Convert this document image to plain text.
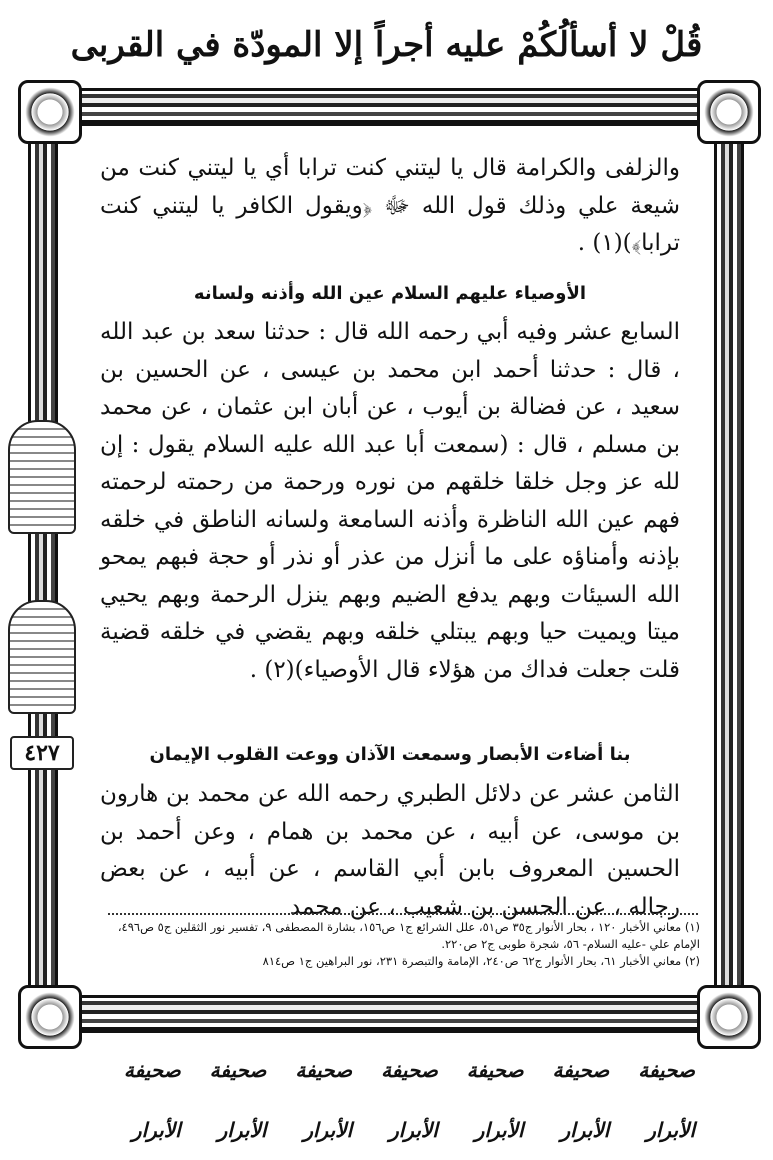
قُلْ لا أسألُكُمْ عليه أجراً إلا المودّة في القربى
٤٢٧

والزلفى والكرامة قال يا ليتني كنت ترابا أي يا ليتني كنت من شيعة علي وذلك قول الله ﷻ ﴿ويقول الكافر يا ليتني كنت ترابا﴾)(١) .

الأوصياء عليهم السلام عين الله وأذنه ولسانه

السابع عشر وفيه أبي رحمه الله قال : حدثنا سعد بن عبد الله ، قال : حدثنا أحمد ابن محمد بن عيسى ، عن الحسين بن سعيد ، عن فضالة بن أيوب ، عن أبان ابن عثمان ، عن محمد بن مسلم ، قال : (سمعت أبا عبد الله عليه السلام يقول : إن لله عز وجل خلقا خلقهم من نوره ورحمة من رحمته لرحمته فهم عين الله الناظرة وأذنه السامعة ولسانه الناطق في خلقه بإذنه وأمناؤه على ما أنزل من عذر أو نذر أو حجة فبهم يمحو الله السيئات وبهم يدفع الضيم وبهم ينزل الرحمة وبهم يحيي ميتا ويميت حيا وبهم يبتلي خلقه وبهم يقضي في خلقه قضية قلت جعلت فداك من هؤلاء قال الأوصياء)(٢) .

بنا أضاءت الأبصار وسمعت الآذان ووعت القلوب الإيمان

الثامن عشر عن دلائل الطبري رحمه الله عن محمد بن هارون بن موسى، عن أبيه ، عن محمد بن همام ، وعن أحمد بن الحسين المعروف بابن أبي القاسم ، عن أبيه ، عن بعض رجاله ، عن الحسن بن شعيب ، عن محمد

(١) معاني الأخبار ١٢٠ ، بحار الأنوار ج٣٥ ص٥١، علل الشرائع ج١ ص١٥٦، بشارة المصطفى ٩، تفسير نور الثقلين ج٥ ص٤٩٦، الإمام علي -عليه السلام- ٥٦، شجرة طوبى ج٢ ص٢٢٠.

(٢) معاني الأخبار ٦١، بحار الأنوار ج٦٢ ص٢٤٠، الإمامة والتبصرة ٢٣١، نور البراهين ج١ ص٨١٤

صحيفة الأبرار
صحيفة الأبرار
صحيفة الأبرار
صحيفة الأبرار
صحيفة الأبرار
صحيفة الأبرار
صحيفة الأبرار
